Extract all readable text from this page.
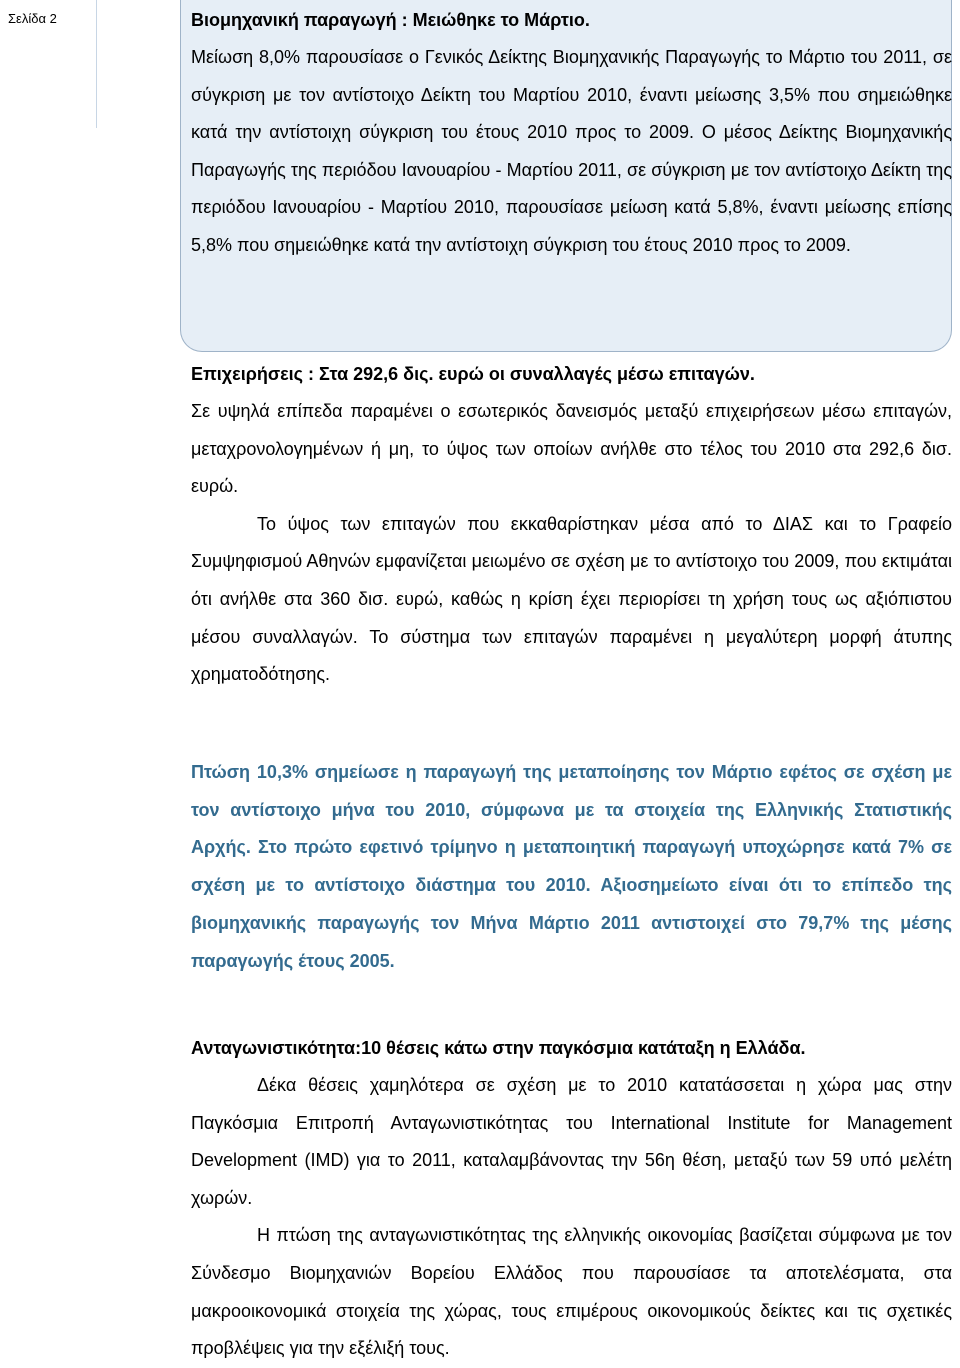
Σελίδα 2	Βιομηχανική παραγωγή : Μειώθηκε το Μάρτιο.

Μείωση 8,0% παρουσίασε ο Γενικός Δείκτης Βιομηχανικής Παραγωγής το Μάρτιο του 2011, σε σύγκριση με τον αντίστοιχο Δείκτη του Μαρτίου 2010, έναντι μείωσης 3,5% που σημειώθηκε κατά την αντίστοιχη σύγκριση του έτους 2010 προς το 2009. Ο μέσος Δείκτης Βιομηχανικής Παραγωγής της περιόδου Ιανουαρίου - Μαρτίου 2011, σε σύγκριση με τον αντίστοιχο Δείκτη της περιόδου Ιανουαρίου - Μαρτίου 2010, παρουσίασε μείωση κατά 5,8%, έναντι μείωσης επίσης 5,8% που σημειώθηκε κατά την αντίστοιχη σύγκριση του έτους 2010 προς το 2009.

Επιχειρήσεις : Στα 292,6 δις. ευρώ οι συναλλαγές μέσω επιταγών.

Σε υψηλά επίπεδα παραμένει ο εσωτερικός δανεισμός μεταξύ επιχειρήσεων μέσω επιταγών, μεταχρονολογημένων ή μη, το ύψος των οποίων ανήλθε στο τέλος του 2010 στα 292,6 δισ. ευρώ.

Το ύψος των επιταγών που εκκαθαρίστηκαν μέσα από το ΔΙΑΣ και το Γραφείο Συμψηφισμού Αθηνών εμφανίζεται μειωμένο σε σχέση με το αντίστοιχο του 2009, που εκτιμάται ότι ανήλθε στα 360 δισ. ευρώ, καθώς η κρίση έχει περιορίσει τη χρήση τους ως αξιόπιστου μέσου συναλλαγών. Το σύστημα των επιταγών παραμένει η μεγαλύτερη μορφή άτυπης χρηματοδότησης.

Πτώση 10,3% σημείωσε η παραγωγή της μεταποίησης τον Μάρτιο εφέτος σε σχέση με τον αντίστοιχο μήνα του 2010, σύμφωνα με τα στοιχεία της Ελληνικής Στατιστικής Αρχής. Στο πρώτο εφετινό τρίμηνο η μεταποιητική παραγωγή υποχώρησε κατά 7% σε σχέση με το αντίστοιχο διάστημα του 2010. Αξιοσημείωτο είναι ότι το επίπεδο της βιομηχανικής παραγωγής τον Μήνα Μάρτιο 2011 αντιστοιχεί στο 79,7% της μέσης παραγωγής έτους 2005.

Ανταγωνιστικότητα:10 θέσεις κάτω στην παγκόσμια κατάταξη η Ελλάδα.

Δέκα θέσεις χαμηλότερα σε σχέση με το 2010 κατατάσσεται η χώρα μας στην Παγκόσμια Επιτροπή Ανταγωνιστικότητας του International Institute for Management Development (IMD) για το 2011, καταλαμβάνοντας την 56η θέση, μεταξύ των 59 υπό μελέτη χωρών.

Η πτώση της ανταγωνιστικότητας της ελληνικής οικονομίας βασίζεται σύμφωνα με τον Σύνδεσμο Βιομηχανιών Βορείου Ελλάδος που παρουσίασε τα αποτελέσματα, στα μακροοικονομικά στοιχεία της χώρας, τους επιμέρους οικονομικούς δείκτες και τις σχετικές προβλέψεις για την εξέλιξή τους.
